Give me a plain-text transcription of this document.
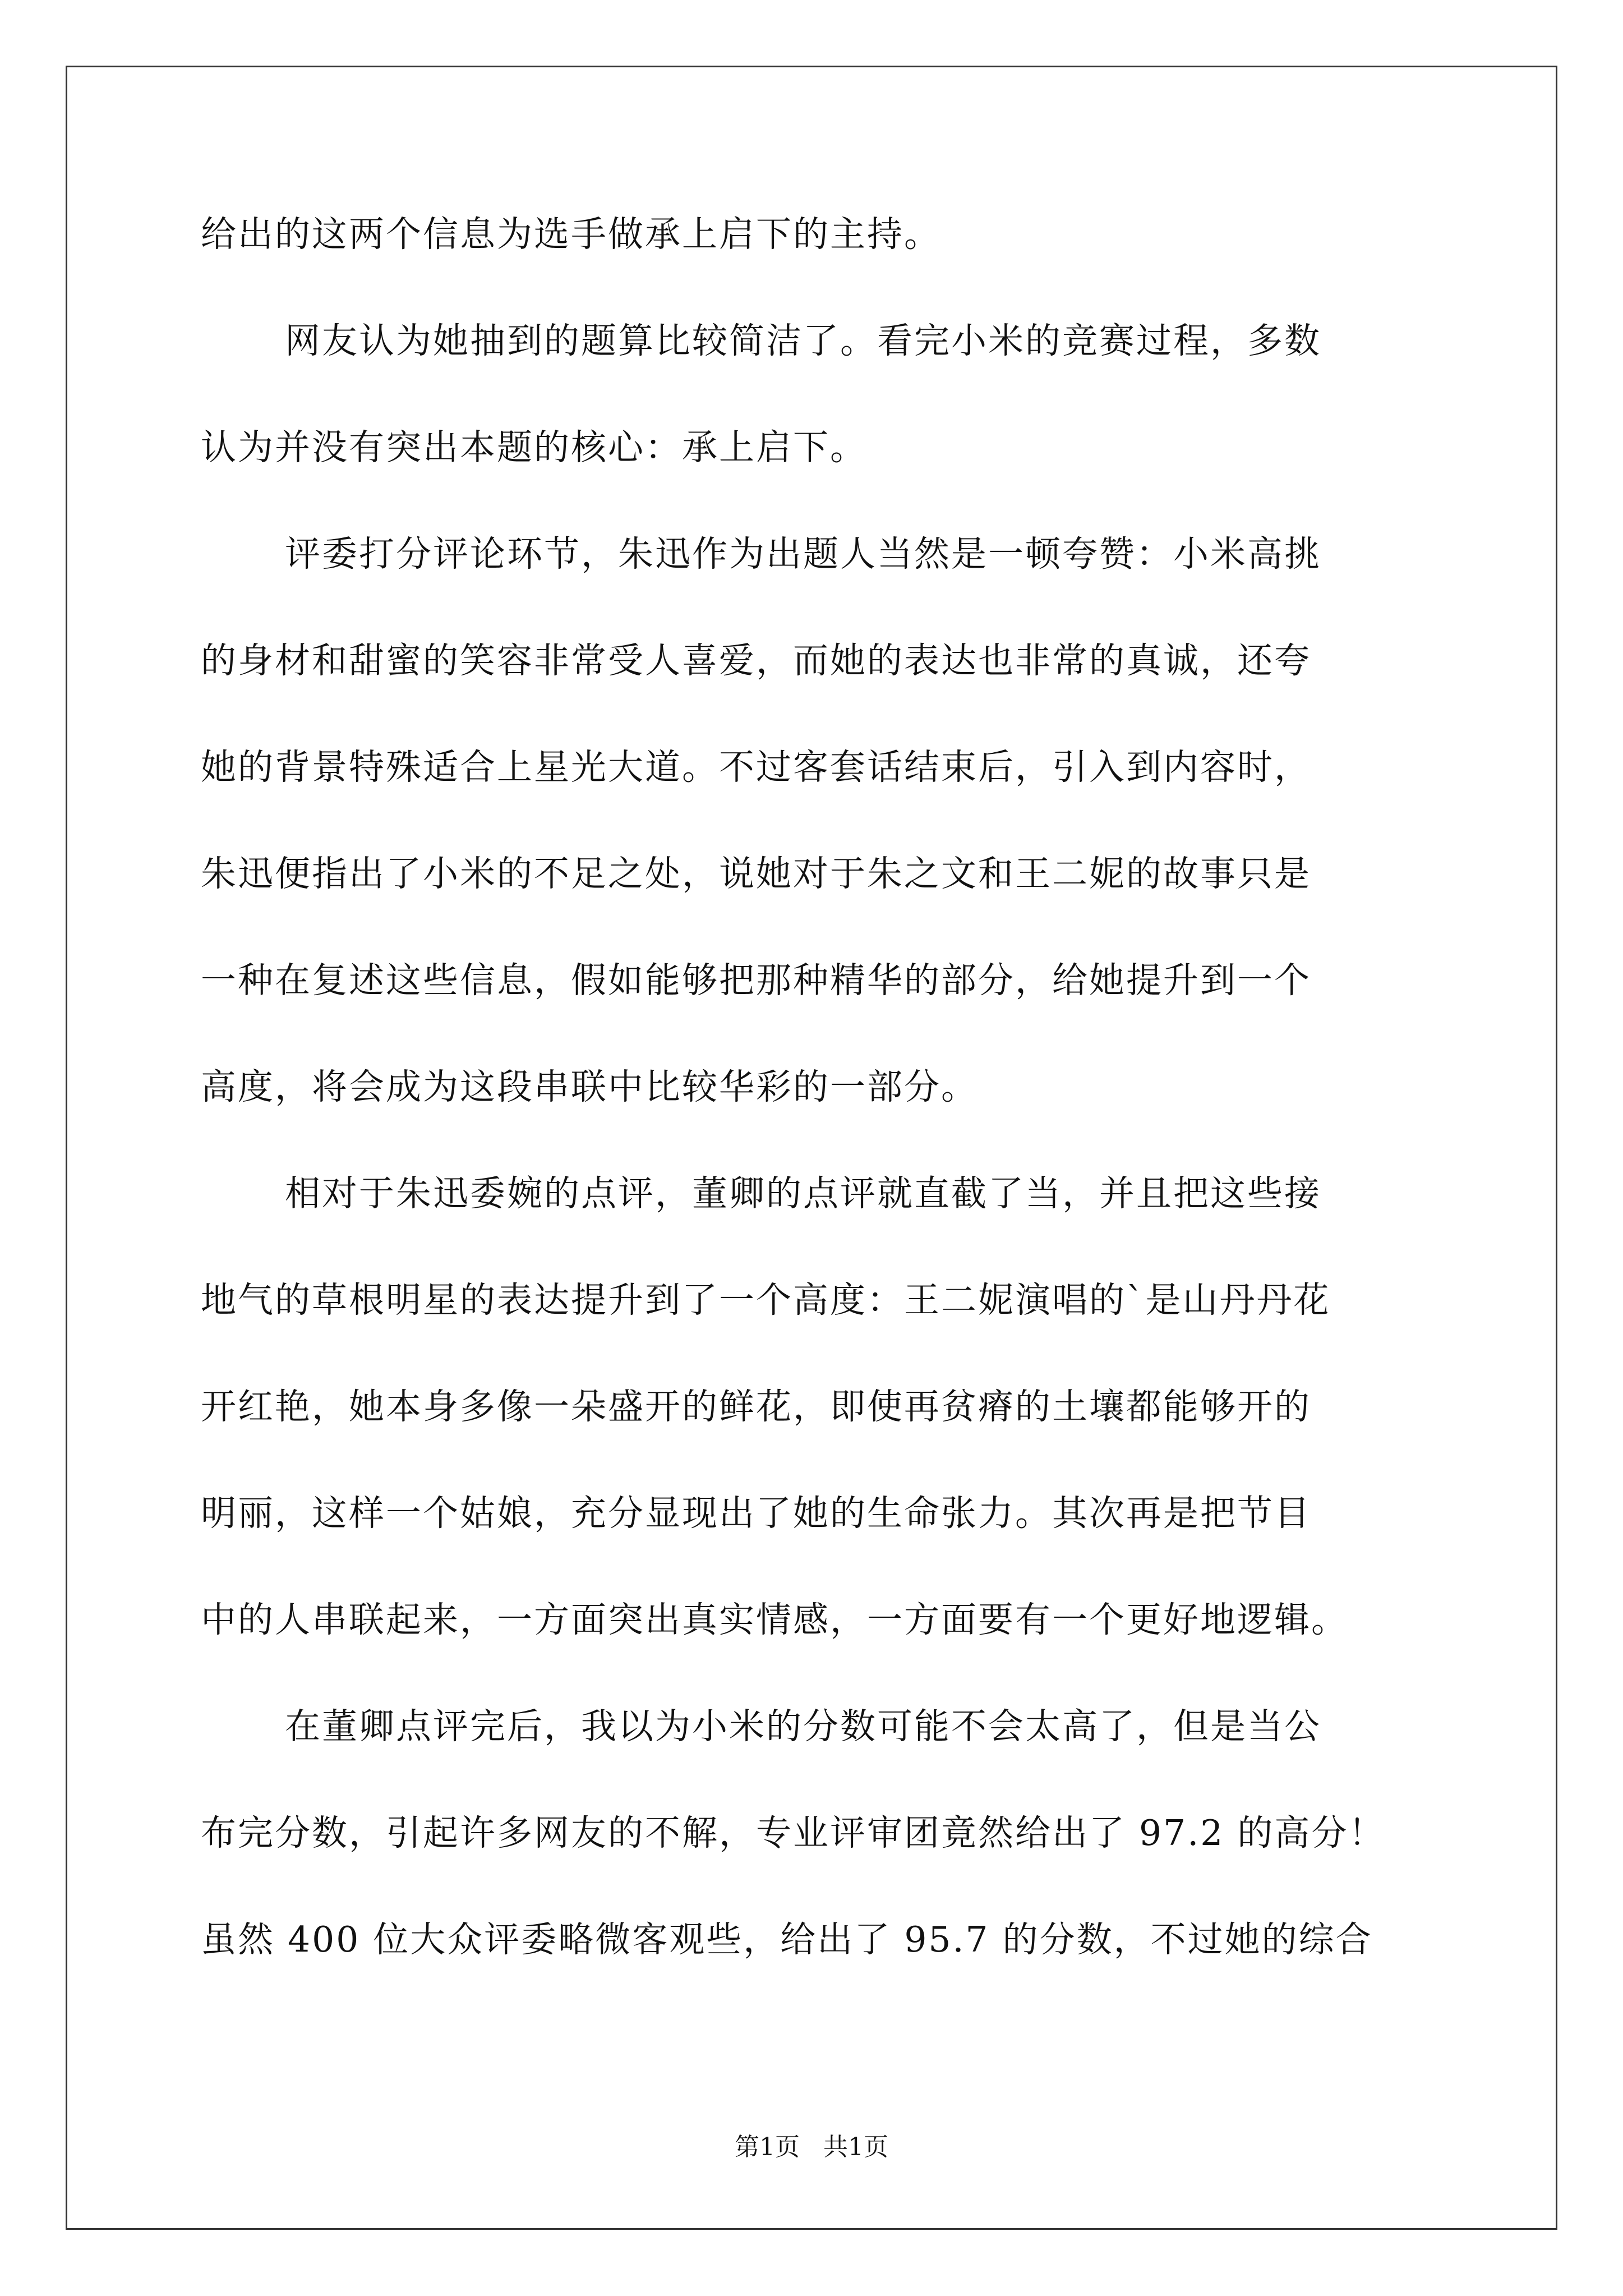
给出的这两个信息为选手做承上启下的主持。
网友认为她抽到的题算比较简洁了。看完小米的竞赛过程，多数
认为并没有突出本题的核心：承上启下。
评委打分评论环节，朱迅作为出题人当然是一顿夸赞：小米高挑
的身材和甜蜜的笑容非常受人喜爱，而她的表达也非常的真诚，还夸
她的背景特殊适合上星光大道。不过客套话结束后，引入到内容时，
朱迅便指出了小米的不足之处，说她对于朱之文和王二妮的故事只是
一种在复述这些信息，假如能够把那种精华的部分，给她提升到一个
高度，将会成为这段串联中比较华彩的一部分。
相对于朱迅委婉的点评，董卿的点评就直截了当，并且把这些接
地气的草根明星的表达提升到了一个高度：王二妮演唱的`是山丹丹花
开红艳，她本身多像一朵盛开的鲜花，即使再贫瘠的土壤都能够开的
明丽，这样一个姑娘，充分显现出了她的生命张力。其次再是把节目
中的人串联起来，一方面突出真实情感，一方面要有一个更好地逻辑。
在董卿点评完后，我以为小米的分数可能不会太高了，但是当公
布完分数，引起许多网友的不解，专业评审团竟然给出了 97.2 的高分！
虽然 400 位大众评委略微客观些，给出了 95.7 的分数，不过她的综合
第1页   共1页
